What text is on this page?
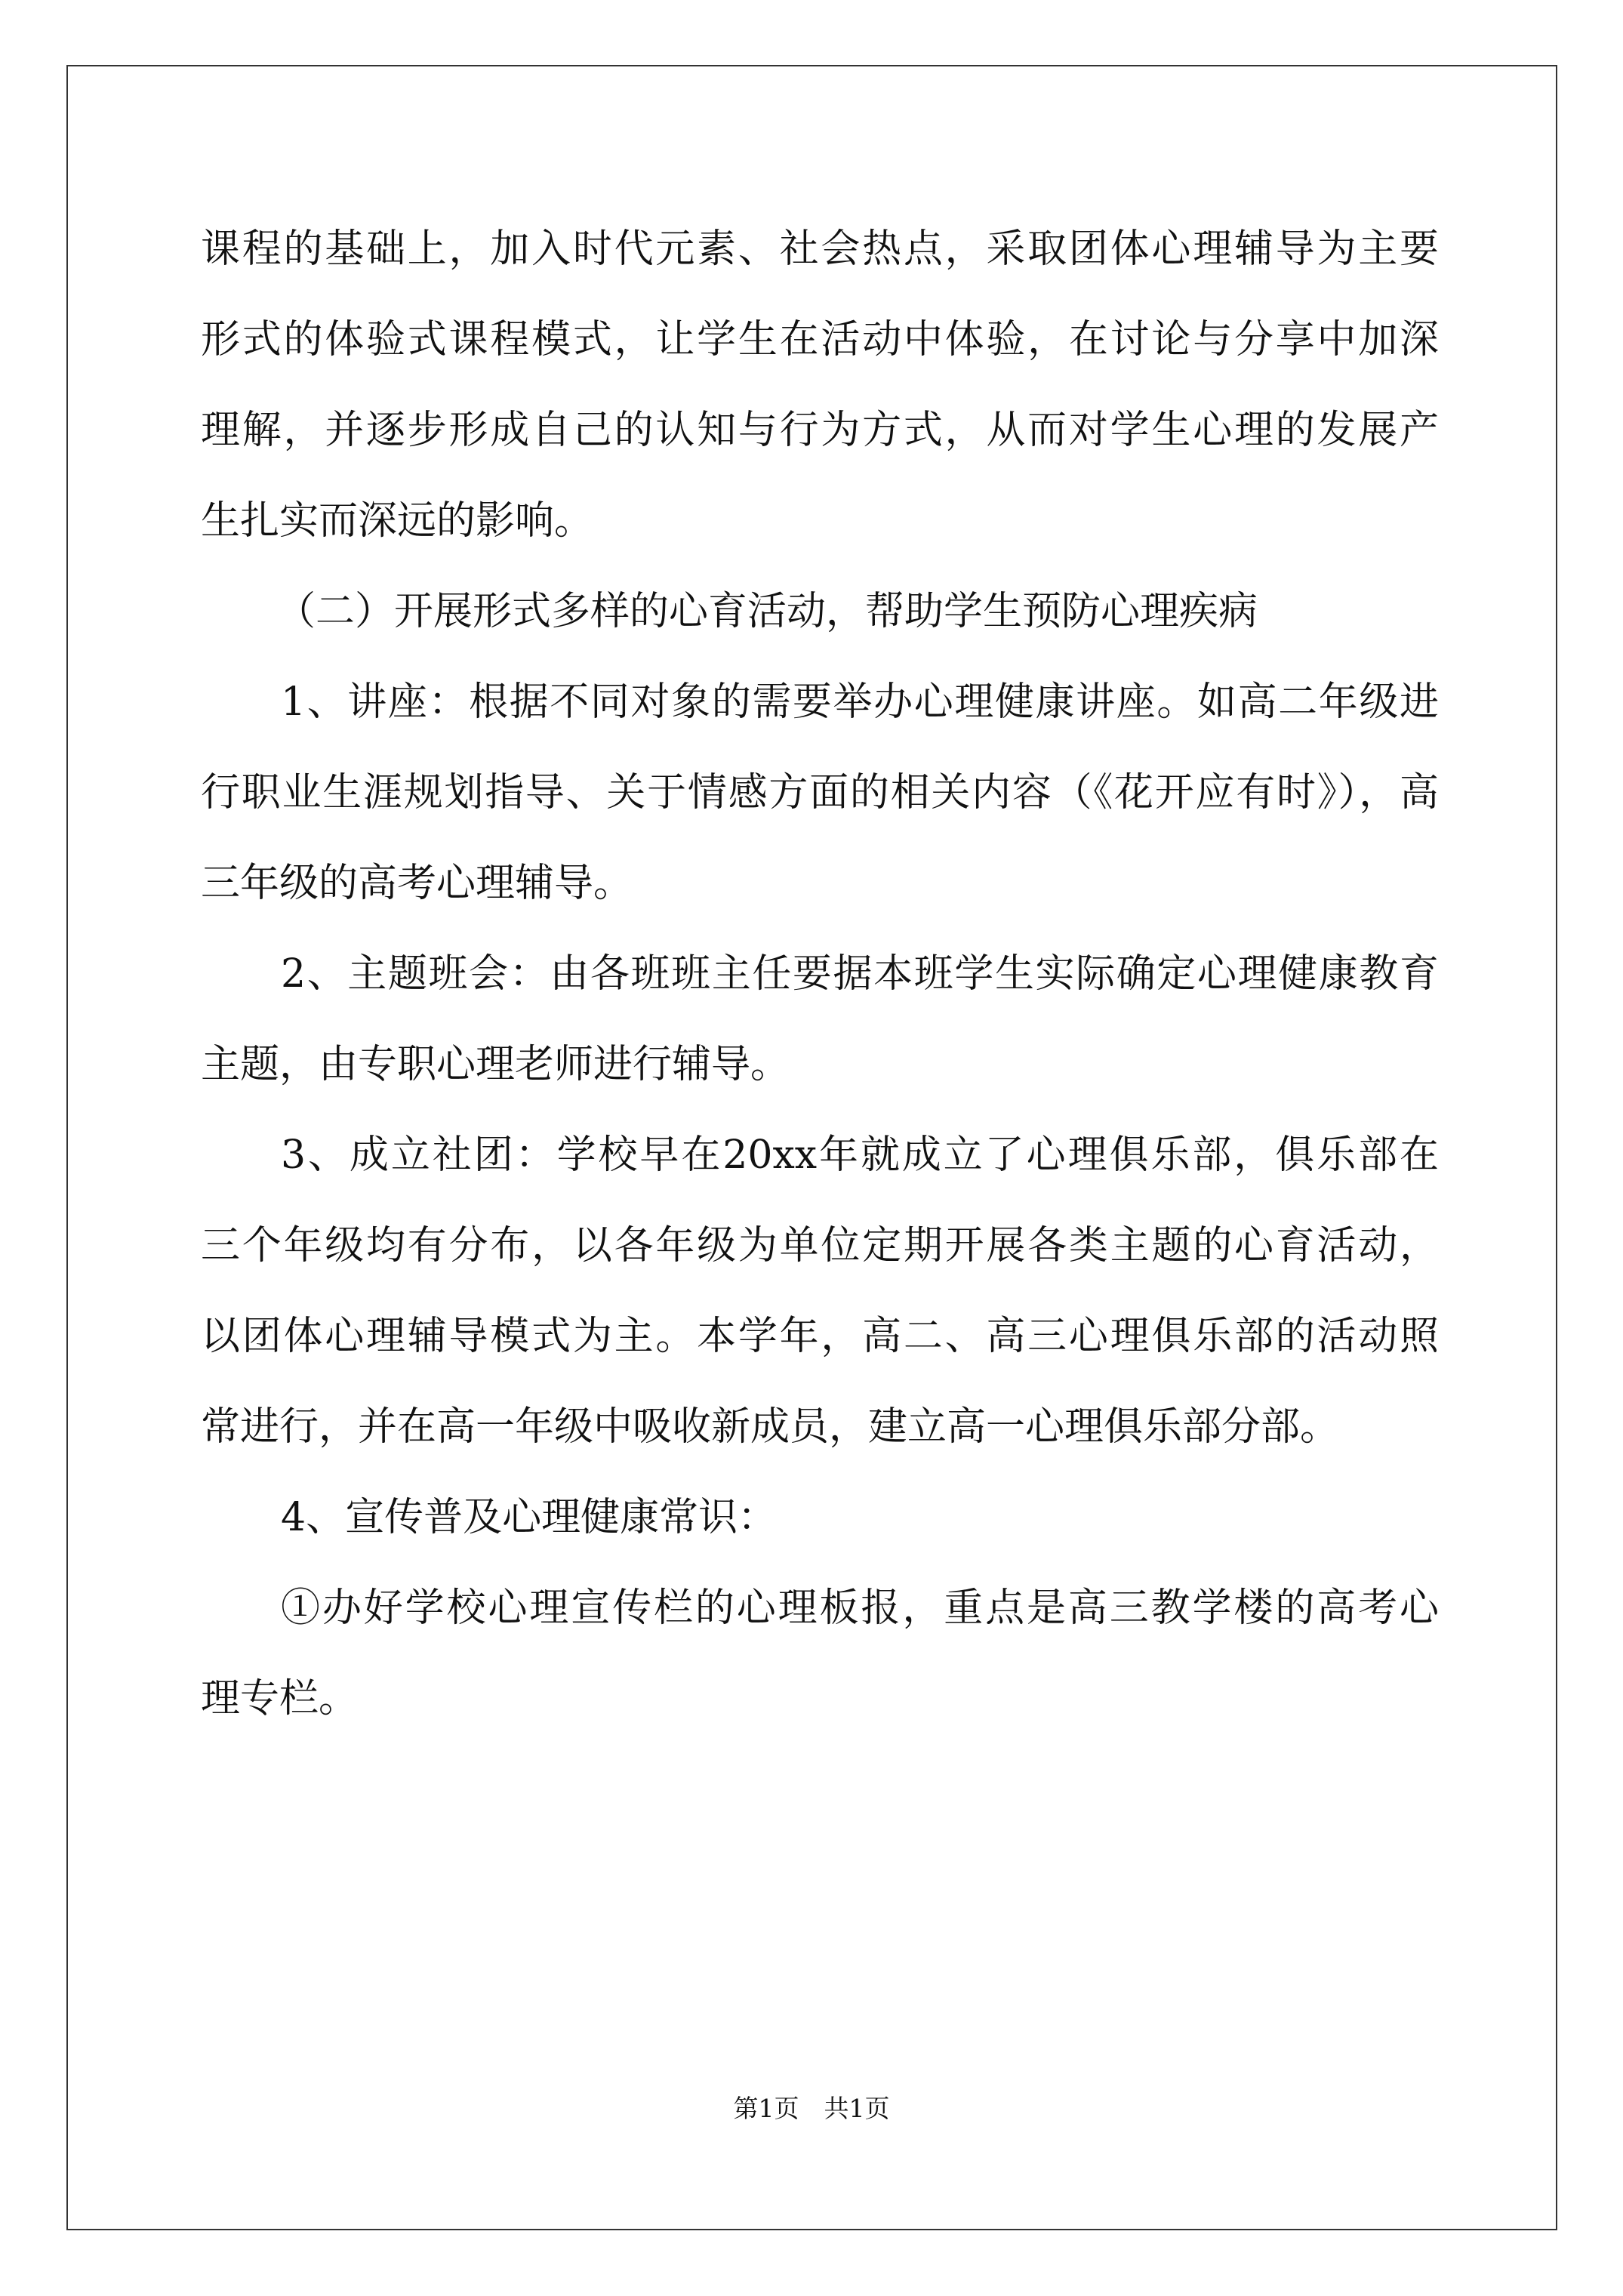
课程的基础上，加入时代元素、社会热点，采取团体心理辅导为主要
形式的体验式课程模式，让学生在活动中体验，在讨论与分享中加深
理解，并逐步形成自己的认知与行为方式，从而对学生心理的发展产
生扎实而深远的影响。
（二）开展形式多样的心育活动，帮助学生预防心理疾病
1、讲座：根据不同对象的需要举办心理健康讲座。如高二年级进
行职业生涯规划指导、关于情感方面的相关内容（《花开应有时》），高
三年级的高考心理辅导。
2、主题班会：由各班班主任要据本班学生实际确定心理健康教育
主题，由专职心理老师进行辅导。
3、成立社团：学校早在20xx年就成立了心理俱乐部，俱乐部在
三个年级均有分布，以各年级为单位定期开展各类主题的心育活动，
以团体心理辅导模式为主。本学年，高二、高三心理俱乐部的活动照
常进行，并在高一年级中吸收新成员，建立高一心理俱乐部分部。
4、宣传普及心理健康常识：
①办好学校心理宣传栏的心理板报，重点是高三教学楼的高考心
理专栏。
第1页　共1页
